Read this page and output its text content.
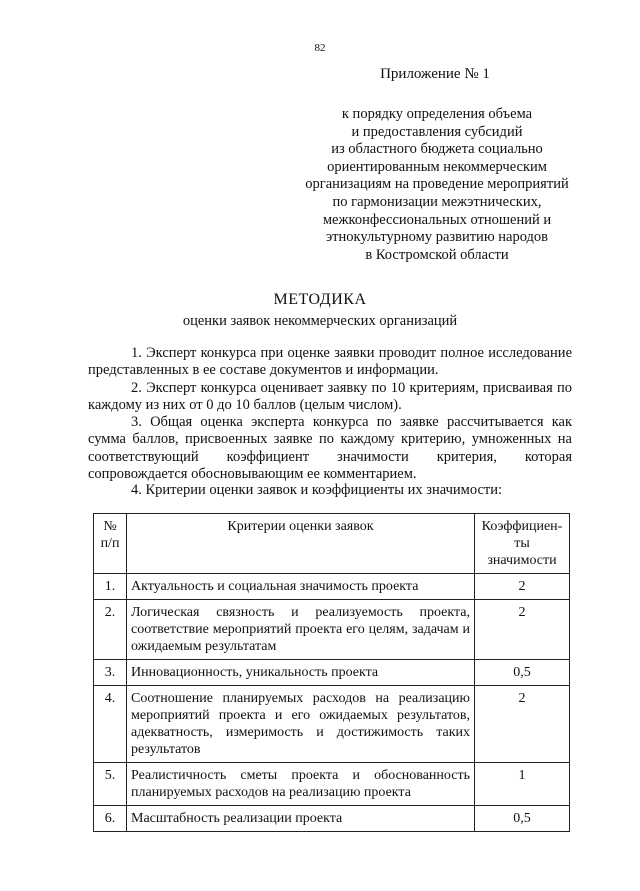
82
Приложение № 1
к порядку определения объема
и предоставления субсидий
из областного бюджета социально
ориентированным некоммерческим
организациям на проведение мероприятий
по гармонизации межэтнических,
межконфессиональных отношений и
этнокультурному развитию народов
в Костромской области
МЕТОДИКА
оценки заявок некоммерческих организаций

1. Эксперт конкурса при оценке заявки проводит полное исследование представленных в ее составе документов и информации.

2. Эксперт конкурса оценивает заявку по 10 критериям, присваивая по каждому из них от 0 до 10 баллов (целым числом).

3. Общая оценка эксперта конкурса по заявке рассчитывается как сумма баллов, присвоенных заявке по каждому критерию, умноженных на соответствующий коэффициент значимости критерия, которая сопровождается обосновывающим ее комментарием.

4. Критерии оценки заявок и коэффициенты их значимости:

№ п/п	Критерии оценки заявок	Коэффициен-ты значимости
1.	Актуальность и социальная значимость проекта	2
2.	Логическая связность и реализуемость проекта, соответствие мероприятий проекта его целям, задачам и ожидаемым результатам	2
3.	Инновационность, уникальность проекта	0,5
4.	Соотношение планируемых расходов на реализацию мероприятий проекта и его ожидаемых результатов, адекватность, измеримость и достижимость таких результатов	2
5.	Реалистичность сметы проекта и обоснованность планируемых расходов на реализацию проекта	1
6.	Масштабность реализации проекта	0,5
